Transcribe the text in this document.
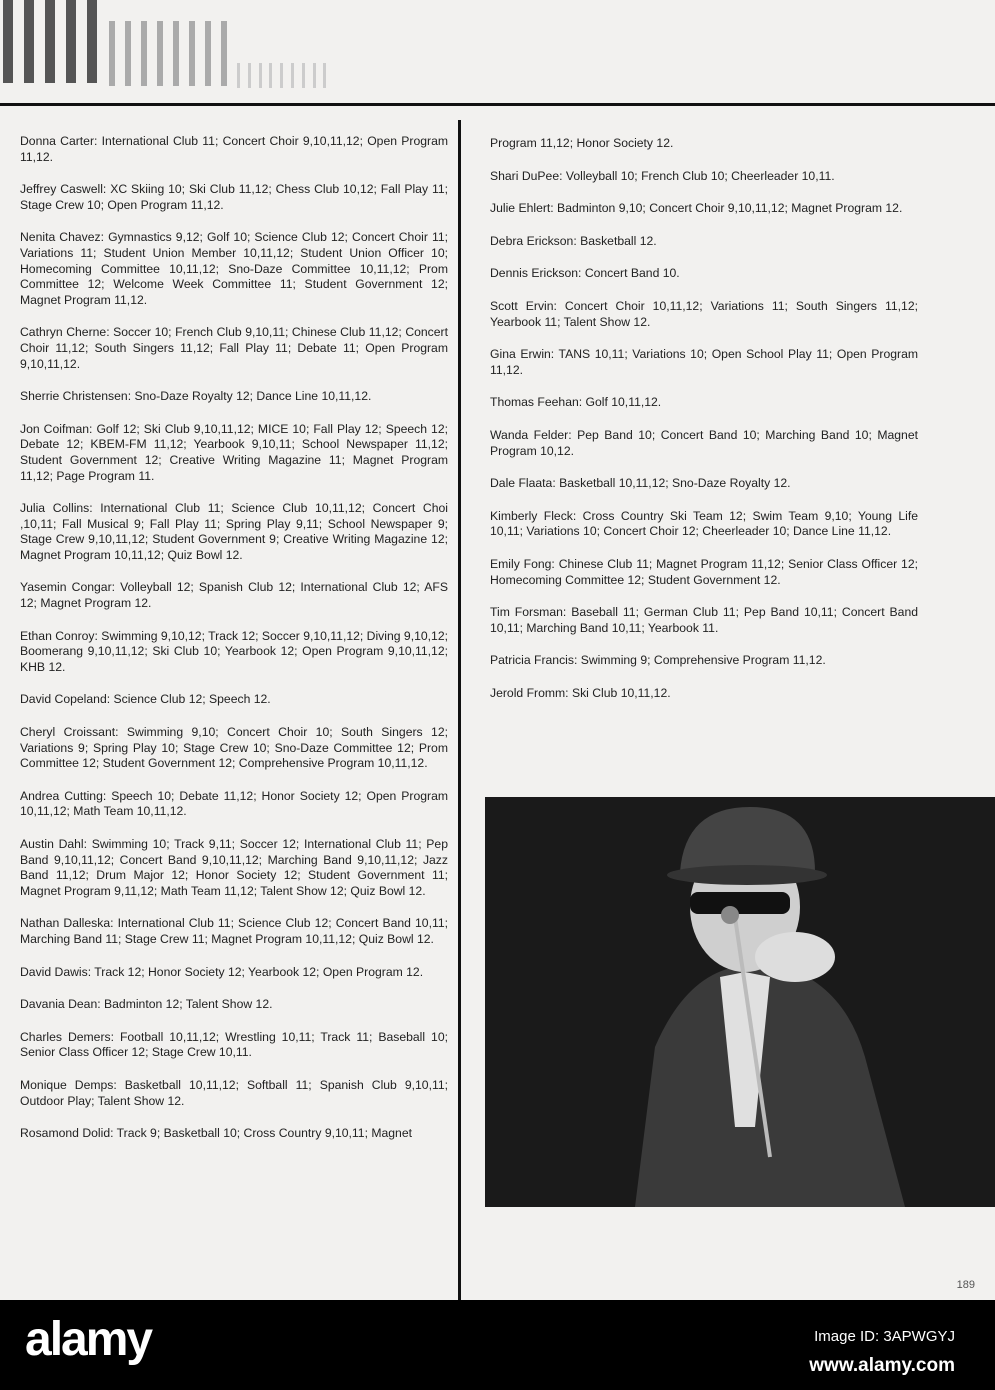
Donna Carter: International Club 11; Concert Choir 9,10,11,12; Open Program 11,12.

Jeffrey Caswell: XC Skiing 10; Ski Club 11,12; Chess Club 10,12; Fall Play 11; Stage Crew 10; Open Program 11,12.

Nenita Chavez: Gymnastics 9,12; Golf 10; Science Club 12; Concert Choir 11; Variations 11; Student Union Member 10,11,12; Student Union Officer 10; Homecoming Committee 10,11,12; Sno-Daze Committee 10,11,12; Prom Committee 12; Welcome Week Committee 11; Student Government 12; Magnet Program 11,12.

Cathryn Cherne: Soccer 10; French Club 9,10,11; Chinese Club 11,12; Concert Choir 11,12; South Singers 11,12; Fall Play 11; Debate 11; Open Program 9,10,11,12.

Sherrie Christensen: Sno-Daze Royalty 12; Dance Line 10,11,12.

Jon Coifman: Golf 12; Ski Club 9,10,11,12; MICE 10; Fall Play 12; Speech 12; Debate 12; KBEM-FM 11,12; Yearbook 9,10,11; School Newspaper 11,12; Student Government 12; Creative Writing Magazine 11; Magnet Program 11,12; Page Program 11.

Julia Collins: International Club 11; Science Club 10,11,12; Concert Choi ,10,11; Fall Musical 9; Fall Play 11; Spring Play 9,11; School Newspaper 9; Stage Crew 9,10,11,12; Student Government 9; Creative Writing Magazine 12; Magnet Program 10,11,12; Quiz Bowl 12.

Yasemin Congar: Volleyball 12; Spanish Club 12; International Club 12; AFS 12; Magnet Program 12.

Ethan Conroy: Swimming 9,10,12; Track 12; Soccer 9,10,11,12; Diving 9,10,12; Boomerang 9,10,11,12; Ski Club 10; Yearbook 12; Open Program 9,10,11,12; KHB 12.

David Copeland: Science Club 12; Speech 12.

Cheryl Croissant: Swimming 9,10; Concert Choir 10; South Singers 12; Variations 9; Spring Play 10; Stage Crew 10; Sno-Daze Committee 12; Prom Committee 12; Student Government 12; Comprehensive Program 10,11,12.

Andrea Cutting: Speech 10; Debate 11,12; Honor Society 12; Open Program 10,11,12; Math Team 10,11,12.

Austin Dahl: Swimming 10; Track 9,11; Soccer 12; International Club 11; Pep Band 9,10,11,12; Concert Band 9,10,11,12; Marching Band 9,10,11,12; Jazz Band 11,12; Drum Major 12; Honor Society 12; Student Government 11; Magnet Program 9,11,12; Math Team 11,12; Talent Show 12; Quiz Bowl 12.

Nathan Dalleska: International Club 11; Science Club 12; Concert Band 10,11; Marching Band 11; Stage Crew 11; Magnet Program 10,11,12; Quiz Bowl 12.

David Dawis: Track 12; Honor Society 12; Yearbook 12; Open Program 12.

Davania Dean: Badminton 12; Talent Show 12.

Charles Demers: Football 10,11,12; Wrestling 10,11; Track 11; Baseball 10; Senior Class Officer 12; Stage Crew 10,11.

Monique Demps: Basketball 10,11,12; Softball 11; Spanish Club 9,10,11; Outdoor Play; Talent Show 12.

Rosamond Dolid: Track 9; Basketball 10; Cross Country 9,10,11; Magnet

Program 11,12; Honor Society 12.

Shari DuPee: Volleyball 10; French Club 10; Cheerleader 10,11.

Julie Ehlert: Badminton 9,10; Concert Choir 9,10,11,12; Magnet Program 12.

Debra Erickson: Basketball 12.

Dennis Erickson: Concert Band 10.

Scott Ervin: Concert Choir 10,11,12; Variations 11; South Singers 11,12; Yearbook 11; Talent Show 12.

Gina Erwin: TANS 10,11; Variations 10; Open School Play 11; Open Program 11,12.

Thomas Feehan: Golf 10,11,12.

Wanda Felder: Pep Band 10; Concert Band 10; Marching Band 10; Magnet Program 10,12.

Dale Flaata: Basketball 10,11,12; Sno-Daze Royalty 12.

Kimberly Fleck: Cross Country Ski Team 12; Swim Team 9,10; Young Life 10,11; Variations 10; Concert Choir 12; Cheerleader 10; Dance Line 11,12.

Emily Fong: Chinese Club 11; Magnet Program 11,12; Senior Class Officer 12; Homecoming Committee 12; Student Government 12.

Tim Forsman: Baseball 11; German Club 11; Pep Band 10,11; Concert Band 10,11; Marching Band 10,11; Yearbook 11.

Patricia Francis: Swimming 9; Comprehensive Program 11,12.

Jerold Fromm: Ski Club 10,11,12.

189
alamy	Image ID: 3APWGYJ
www.alamy.com
